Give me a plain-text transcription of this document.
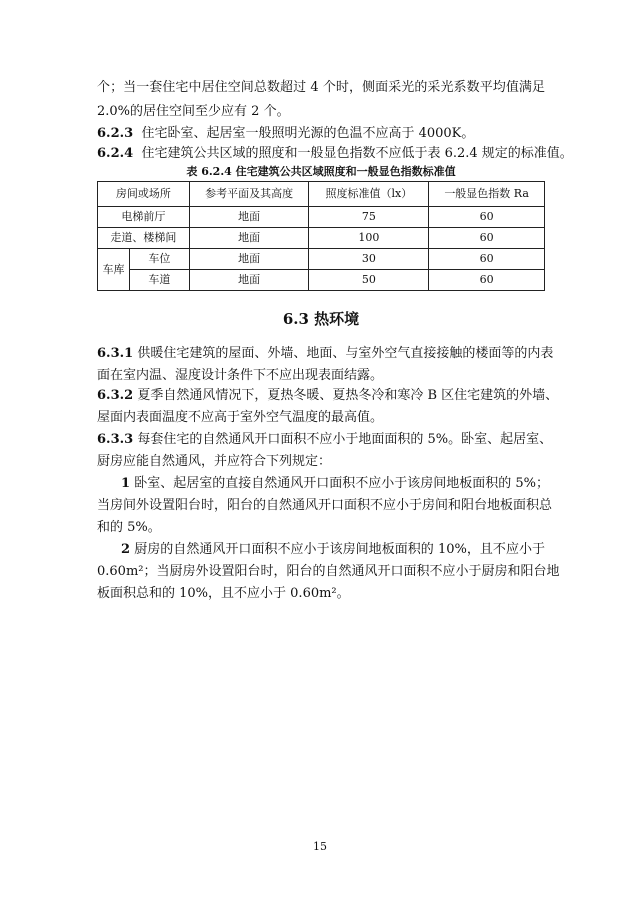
个；当一套住宅中居住空间总数超过 4 个时，侧面采光的采光系数平均值满足
2.0%的居住空间至少应有 2 个。
6.2.3 住宅卧室、起居室一般照明光源的色温不应高于 4000K。
6.2.4 住宅建筑公共区域的照度和一般显色指数不应低于表 6.2.4 规定的标准值。
表 6.2.4 住宅建筑公共区域照度和一般显色指数标准值
房间或场所		参考平面及其高度	照度标准值（lx）	一般显色指数 Ra
电梯前厅		地面	75	60
走道、楼梯间		地面	100	60
车库	车位	地面	30	60
	车道	地面	50	60
6.3 热环境
6.3.1 供暖住宅建筑的屋面、外墙、地面、与室外空气直接接触的楼面等的内表
面在室内温、湿度设计条件下不应出现表面结露。
6.3.2 夏季自然通风情况下，夏热冬暖、夏热冬冷和寒冷 B 区住宅建筑的外墙、
屋面内表面温度不应高于室外空气温度的最高值。
6.3.3 每套住宅的自然通风开口面积不应小于地面面积的 5%。卧室、起居室、
厨房应能自然通风，并应符合下列规定：
1 卧室、起居室的直接自然通风开口面积不应小于该房间地板面积的 5%；
当房间外设置阳台时，阳台的自然通风开口面积不应小于房间和阳台地板面积总
和的 5%。
2 厨房的自然通风开口面积不应小于该房间地板面积的 10%，且不应小于
0.60m²；当厨房外设置阳台时，阳台的自然通风开口面积不应小于厨房和阳台地
板面积总和的 10%，且不应小于 0.60m²。
15
